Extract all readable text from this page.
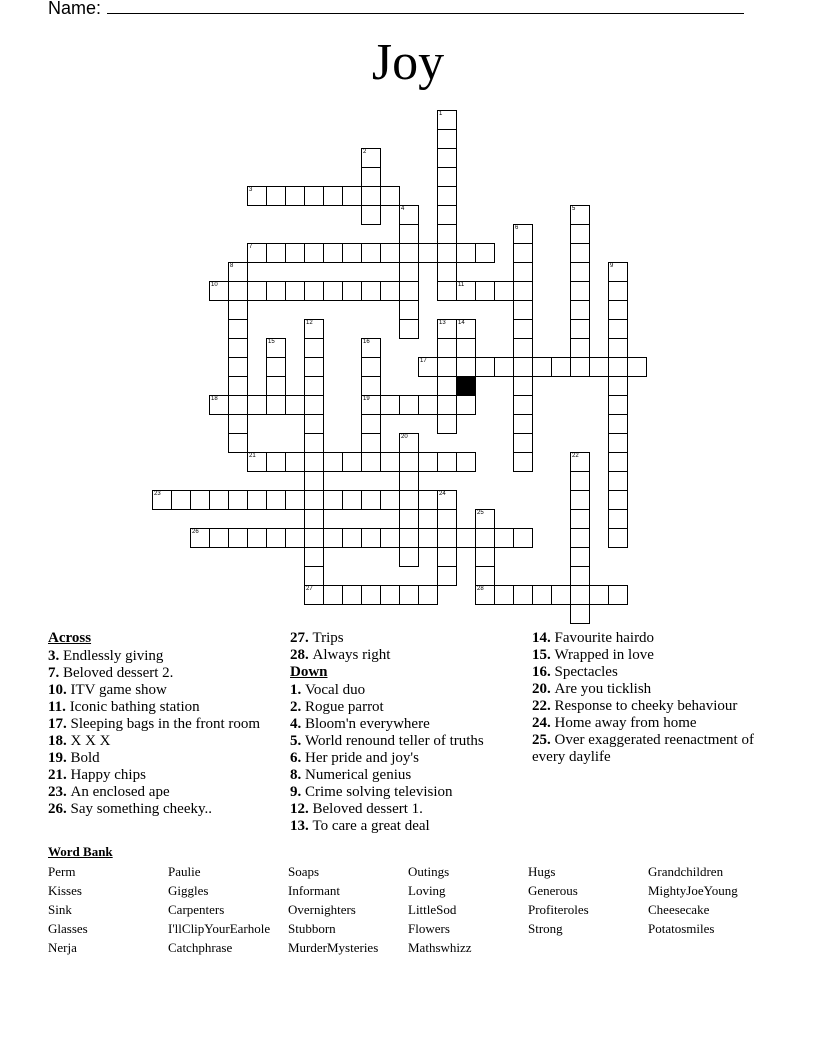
Name:
Joy
3
7
10	11
17
18	19
21
23
26
27	28
1
2
4	5
6
8	9
12	13 14
15	16
20
22
24
25
Across
3. Endlessly giving
7. Beloved dessert 2.
10. ITV game show
11. Iconic bathing station
17. Sleeping bags in the front room
18. X X X
19. Bold
21. Happy chips
23. An enclosed ape
26. Say something cheeky..
27. Trips
28. Always right
Down
1. Vocal duo
2. Rogue parrot
4. Bloom'n everywhere
5. World renound teller of truths
6. Her pride and joy's
8. Numerical genius
9. Crime solving television
12. Beloved dessert 1.
13. To care a great deal
14. Favourite hairdo
15. Wrapped in love
16. Spectacles
20. Are you ticklish
22. Response to cheeky behaviour
24. Home away from home
25. Over exaggerated reenactment of every daylife
Word Bank
Perm
Kisses
Sink
Glasses
Nerja
Paulie
Giggles
Carpenters
I'llClipYourEarhole
Catchphrase
Soaps
Informant
Overnighters
Stubborn
MurderMysteries
Outings
Loving
LittleSod
Flowers
Mathswhizz
Hugs
Generous
Profiteroles
Strong
Grandchildren
MightyJoeYoung
Cheesecake
Potatosmiles
